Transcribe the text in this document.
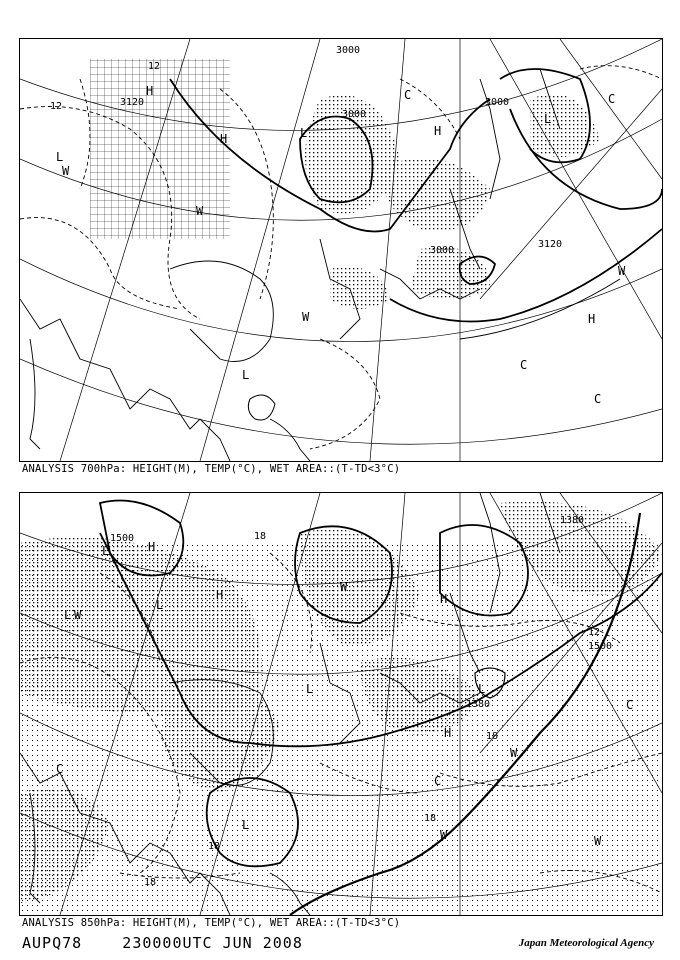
3000
3000
3120
3120
3000
3000
12
12
H
H
H
H
L
L
L
L
C	C
C
C
W
W
W
W
ANALYSIS 700hPa: HEIGHT(M), TEMP(°C), WET AREA::(T-TD<3°C)
1500
1500
1380
1380
12
18
18
18
18
18
H
H	H
H
L
L
L
L	L
L
C
C
C
W
W
W
W	W
ANALYSIS 850hPa: HEIGHT(M), TEMP(°C), WET AREA::(T-TD<3°C)
AUPQ78    230000UTC JUN 2008	Japan Meteorological Agency
